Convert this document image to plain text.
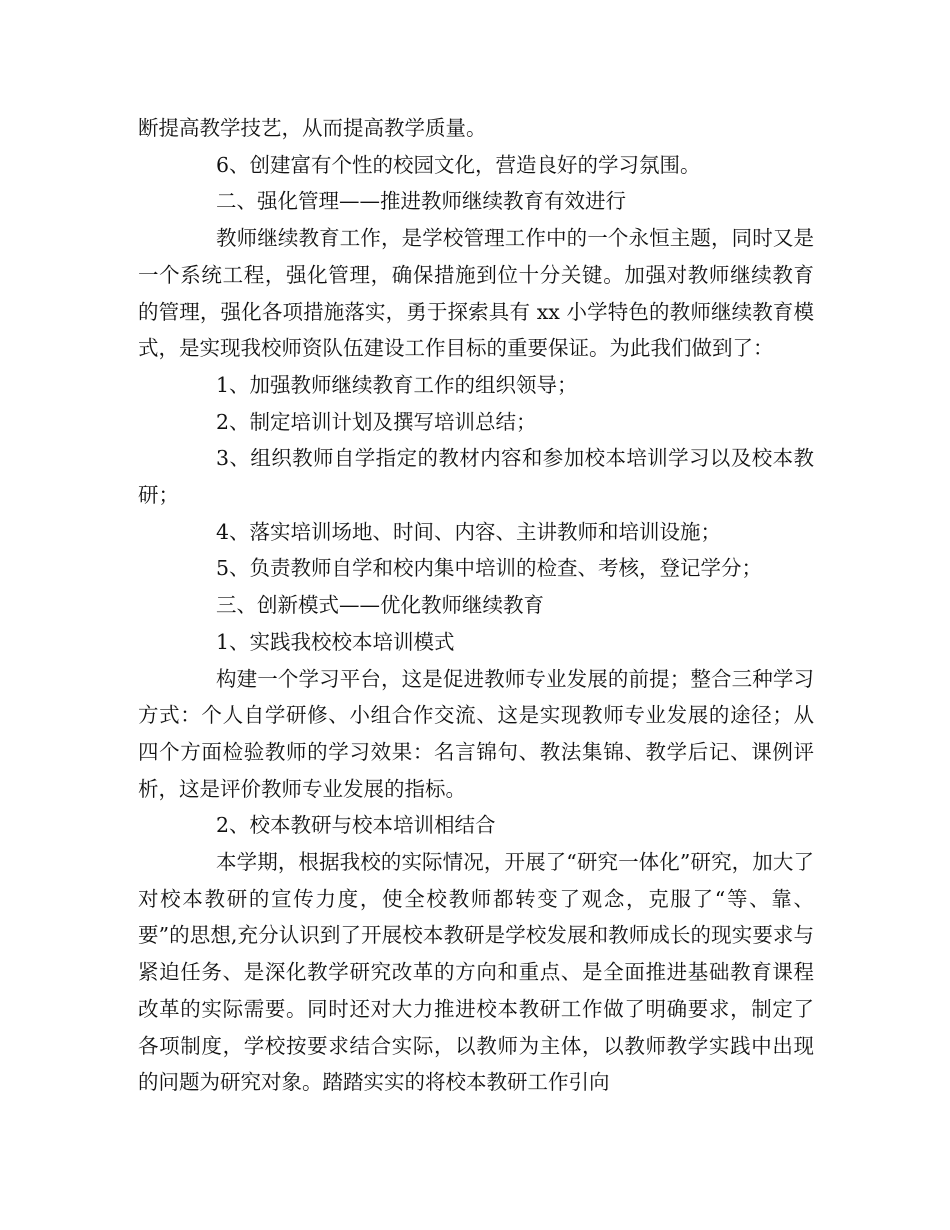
断提高教学技艺，从而提高教学质量。

6、创建富有个性的校园文化，营造良好的学习氛围。

二、强化管理——推进教师继续教育有效进行

教师继续教育工作，是学校管理工作中的一个永恒主题，同时又是一个系统工程，强化管理，确保措施到位十分关键。加强对教师继续教育的管理，强化各项措施落实，勇于探索具有 xx 小学特色的教师继续教育模式，是实现我校师资队伍建设工作目标的重要保证。为此我们做到了：

1、加强教师继续教育工作的组织领导；

2、制定培训计划及撰写培训总结；

3、组织教师自学指定的教材内容和参加校本培训学习以及校本教研；

4、落实培训场地、时间、内容、主讲教师和培训设施；

5、负责教师自学和校内集中培训的检查、考核，登记学分；

三、创新模式——优化教师继续教育

1、实践我校校本培训模式

构建一个学习平台，这是促进教师专业发展的前提；整合三种学习方式：个人自学研修、小组合作交流、这是实现教师专业发展的途径；从四个方面检验教师的学习效果：名言锦句、教法集锦、教学后记、课例评析，这是评价教师专业发展的指标。

2、校本教研与校本培训相结合

本学期，根据我校的实际情况，开展了“研究一体化”研究，加大了对校本教研的宣传力度，使全校教师都转变了观念，克服了“等、靠、要”的思想,充分认识到了开展校本教研是学校发展和教师成长的现实要求与紧迫任务、是深化教学研究改革的方向和重点、是全面推进基础教育课程改革的实际需要。同时还对大力推进校本教研工作做了明确要求，制定了各项制度，学校按要求结合实际，以教师为主体，以教师教学实践中出现的问题为研究对象。踏踏实实的将校本教研工作引向
